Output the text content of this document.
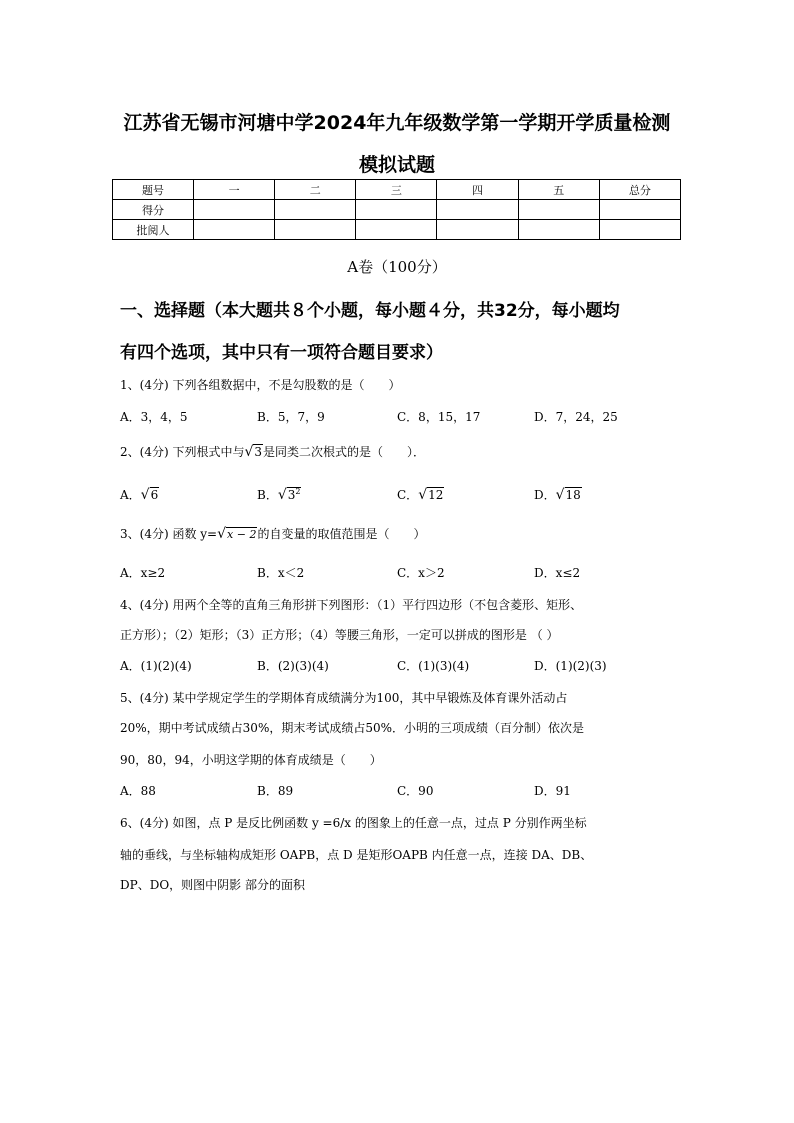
江苏省无锡市河塘中学2024年九年级数学第一学期开学质量检测
模拟试题
题号	一	二	三	四	五	总分
得分						
批阅人						
A卷（100分）
一、选择题（本大题共８个小题，每小题４分，共32分，每小题均
有四个选项，其中只有一项符合题目要求）
1、(4分) 下列各组数据中，不是勾股数的是（　　）
A．3，4，5	B．5，7，9	C．8，15，17	D．7，24，25
2、(4分) 下列根式中与√3是同类二次根式的是（　　）．
A．√6	B．$√3^2$	C．√12	D．√18
3、(4分) 函数 y=√x − 2的自变量的取值范围是（　　）
A．x≥2	B．x＜2	C．x＞2	D．x≤2
4、(4分) 用两个全等的直角三角形拼下列图形：（1）平行四边形（不包含菱形、矩形、
正方形）；（2）矩形；（3）正方形；（4）等腰三角形，一定可以拼成的图形是 （ ）
A．(1)(2)(4)	B．(2)(3)(4)	C．(1)(3)(4)	D．(1)(2)(3)
5、(4分) 某中学规定学生的学期体育成绩满分为100，其中早锻炼及体育课外活动占
20%，期中考试成绩占30%，期末考试成绩占50%．小明的三项成绩（百分制）依次是
90，80，94，小明这学期的体育成绩是（　　）
A．88	B．89	C．90	D．91
6、(4分) 如图，点 P 是反比例函数 y =6/x 的图象上的任意一点，过点 P 分别作两坐标
轴的垂线，与坐标轴构成矩形 OAPB，点 D 是矩形OAPB 内任意一点，连接 DA、DB、
DP、DO，则图中阴影 部分的面积
